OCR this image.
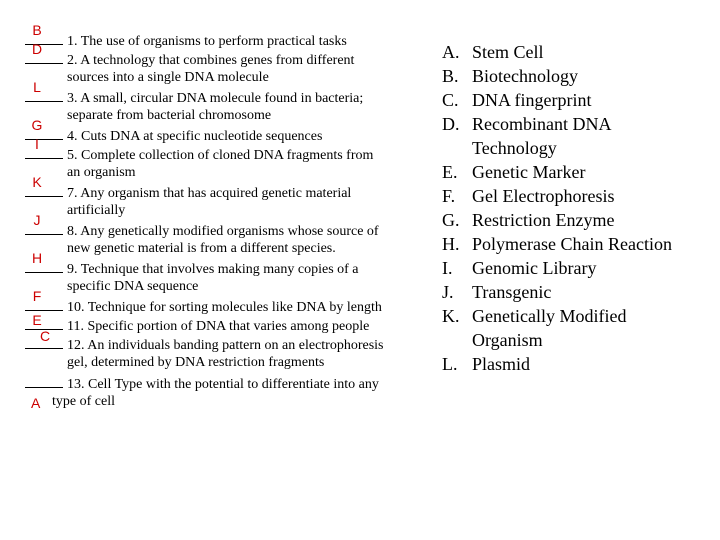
B
1. The use of organisms to perform practical tasks
D
2. A technology that combines genes from different
sources into a single DNA molecule
L
3. A small, circular DNA molecule found in bacteria;
separate from bacterial chromosome
G
4. Cuts DNA at specific nucleotide sequences
I
5. Complete collection of cloned DNA fragments from
an organism
K
7. Any organism that has acquired genetic material
artificially
J
8. Any genetically modified organisms whose source of
new genetic material is from a different species.
H
9. Technique that involves making many copies of a
specific DNA sequence
F
10. Technique for sorting molecules like DNA by length
E	11. Specific portion of DNA that varies among people
C
12. An individuals banding pattern on an electrophoresis
gel, determined by DNA restriction fragments
13. Cell Type with the potential to differentiate into any
A type of cell
A. Stem Cell
B. Biotechnology
C. DNA fingerprint
D. Recombinant DNA
Technology
E. Genetic Marker
F. Gel Electrophoresis
G. Restriction Enzyme
H. Polymerase Chain Reaction
I. Genomic Library
J. Transgenic
K. Genetically Modified
Organism
L. Plasmid
